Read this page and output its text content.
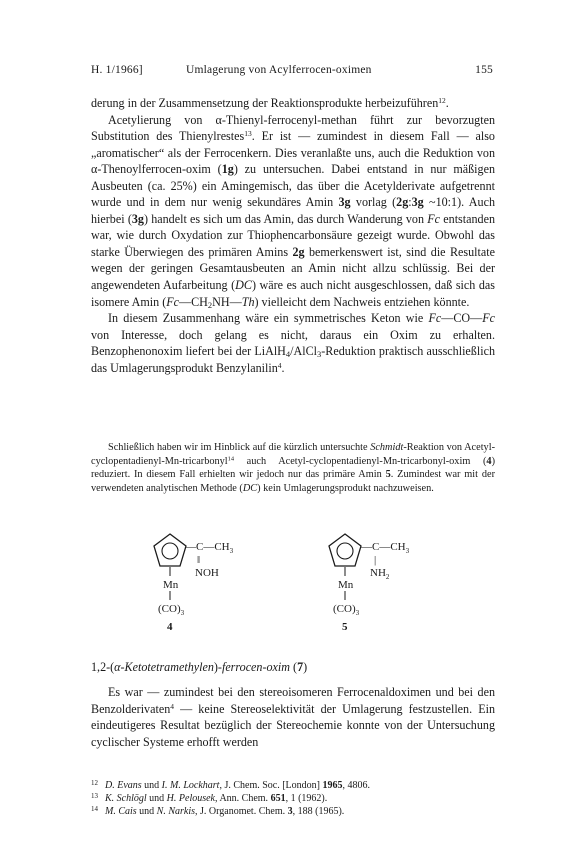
H. 1/1966]	Umlagerung von Acylferrocen-oximen	155

derung in der Zusammensetzung der Reaktionsprodukte herbeizuführen$^{12}$.

Acetylierung von α-Thienyl-ferrocenyl-methan führt zur bevorzugten Substitution des Thienylrestes$^{13}$. Er ist — zumindest in diesem Fall — also „aromatischer“ als der Ferrocenkern. Dies veranlaßte uns, auch die Reduktion von α-Thenoylferrocen-oxim (1g) zu untersuchen. Dabei entstand in nur mäßigen Ausbeuten (ca. 25%) ein Amingemisch, das über die Acetylderivate aufgetrennt wurde und in dem nur wenig sekundäres Amin 3g vorlag (2g:3g ~10:1). Auch hierbei (3g) handelt es sich um das Amin, das durch Wanderung von Fc entstanden war, wie durch Oxydation zur Thiophencarbonsäure gezeigt wurde. Obwohl das starke Überwiegen des primären Amins 2g bemerkenswert ist, sind die Resultate wegen der geringen Gesamtausbeuten an Amin nicht allzu schlüssig. Bei der angewendeten Aufarbeitung (DC) wäre es auch nicht ausgeschlossen, daß sich das isomere Amin $(Fc—CH_2NH—Th)$ vielleicht dem Nachweis entziehen könnte.

In diesem Zusammenhang wäre ein symmetrisches Keton wie Fc—CO—Fc von Interesse, doch gelang es nicht, daraus ein Oxim zu erhalten. Benzophenonoxim liefert bei der LiAlH$_4$/AlCl$_3$-Reduktion praktisch ausschließlich das Umlagerungsprodukt Benzylanilin$^4$.

Schließlich haben wir im Hinblick auf die kürzlich untersuchte Schmidt-Reaktion von Acetyl-cyclopentadienyl-Mn-tricarbonyl$^{14}$ auch Acetyl-cyclopentadienyl-Mn-tricarbonyl-oxim (4) reduziert. In diesem Fall erhielten wir jedoch nur das primäre Amin 5. Zumindest war mit der verwendeten analytischen Methode (DC) kein Umlagerungsprodukt nachzuweisen.

$—C—CH_3$
‖
NOH
Mn
$(CO)_3$
4
$—C—CH_3$
|
$NH_2$
Mn
$(CO)_3$
5
1,2-(α-Ketotetramethylen)-ferrocen-oxim (7)

Es war — zumindest bei den stereoisomeren Ferrocenaldoximen und bei den Benzolderivaten$^4$ — keine Stereoselektivität der Umlagerung festzustellen. Ein eindeutigeres Resultat bezüglich der Stereochemie konnte von der Untersuchung cyclischer Systeme erhofft werden

12 D. Evans und I. M. Lockhart, J. Chem. Soc. [London] 1965, 4806.
13 K. Schlögl und H. Pelousek, Ann. Chem. 651, 1 (1962).
14 M. Cais und N. Narkis, J. Organomet. Chem. 3, 188 (1965).
